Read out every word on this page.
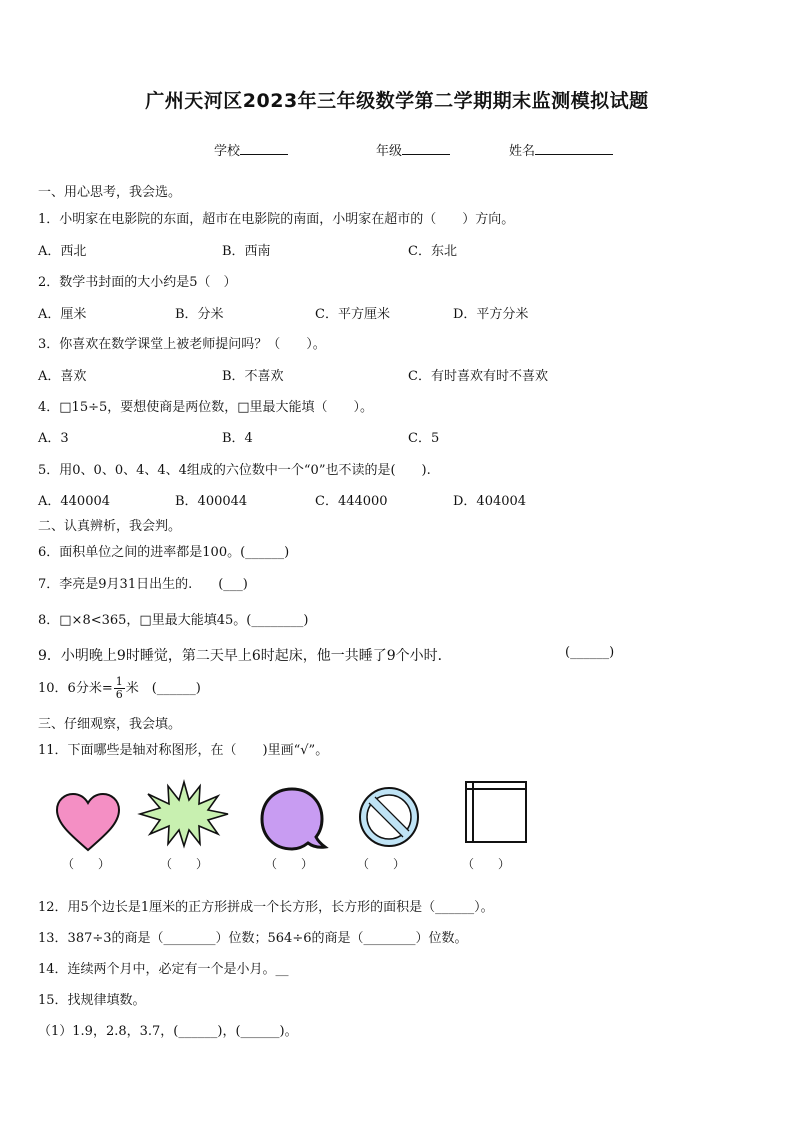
广州天河区2023年三年级数学第二学期期末监测模拟试题
学校	年级	姓名
一、用心思考，我会选。
1．小明家在电影院的东面，超市在电影院的南面，小明家在超市的（　　）方向。
A．西北	B．西南	C．东北
2．数学书封面的大小约是5（　）
A．厘米	B．分米	C．平方厘米	D．平方分米
3．你喜欢在数学课堂上被老师提问吗？（　　）。
A．喜欢	B．不喜欢	C．有时喜欢有时不喜欢
4．□15÷5，要想使商是两位数，□里最大能填（　　）。
A．3	B．4	C．5
5．用0、0、0、4、4、4组成的六位数中一个“0”也不读的是(　　).
A．440004	B．400044	C．444000	D．404004
二、认真辨析，我会判。
6．面积单位之间的进率都是100。(______)
7．李亮是9月31日出生的.　　(___)
8．□×8<365，□里最大能填45。(________)
9．小明晚上9时睡觉，第二天早上6时起床，他一共睡了9个小时．	(______)
10．6分米= $\frac{1}{6}$ 米　(______)
三、仔细观察，我会填。
11．下面哪些是轴对称图形，在（　　)里画“√”。
（　　）	（　　）	（　　）	（　　）	（　　）
12．用5个边长是1厘米的正方形拼成一个长方形，长方形的面积是（______）。
13．387÷3的商是（________）位数；564÷6的商是（________）位数。
14．连续两个月中，必定有一个是小月。__
15．找规律填数。
（1）1.9，2.8，3.7，(______)，(______)。
